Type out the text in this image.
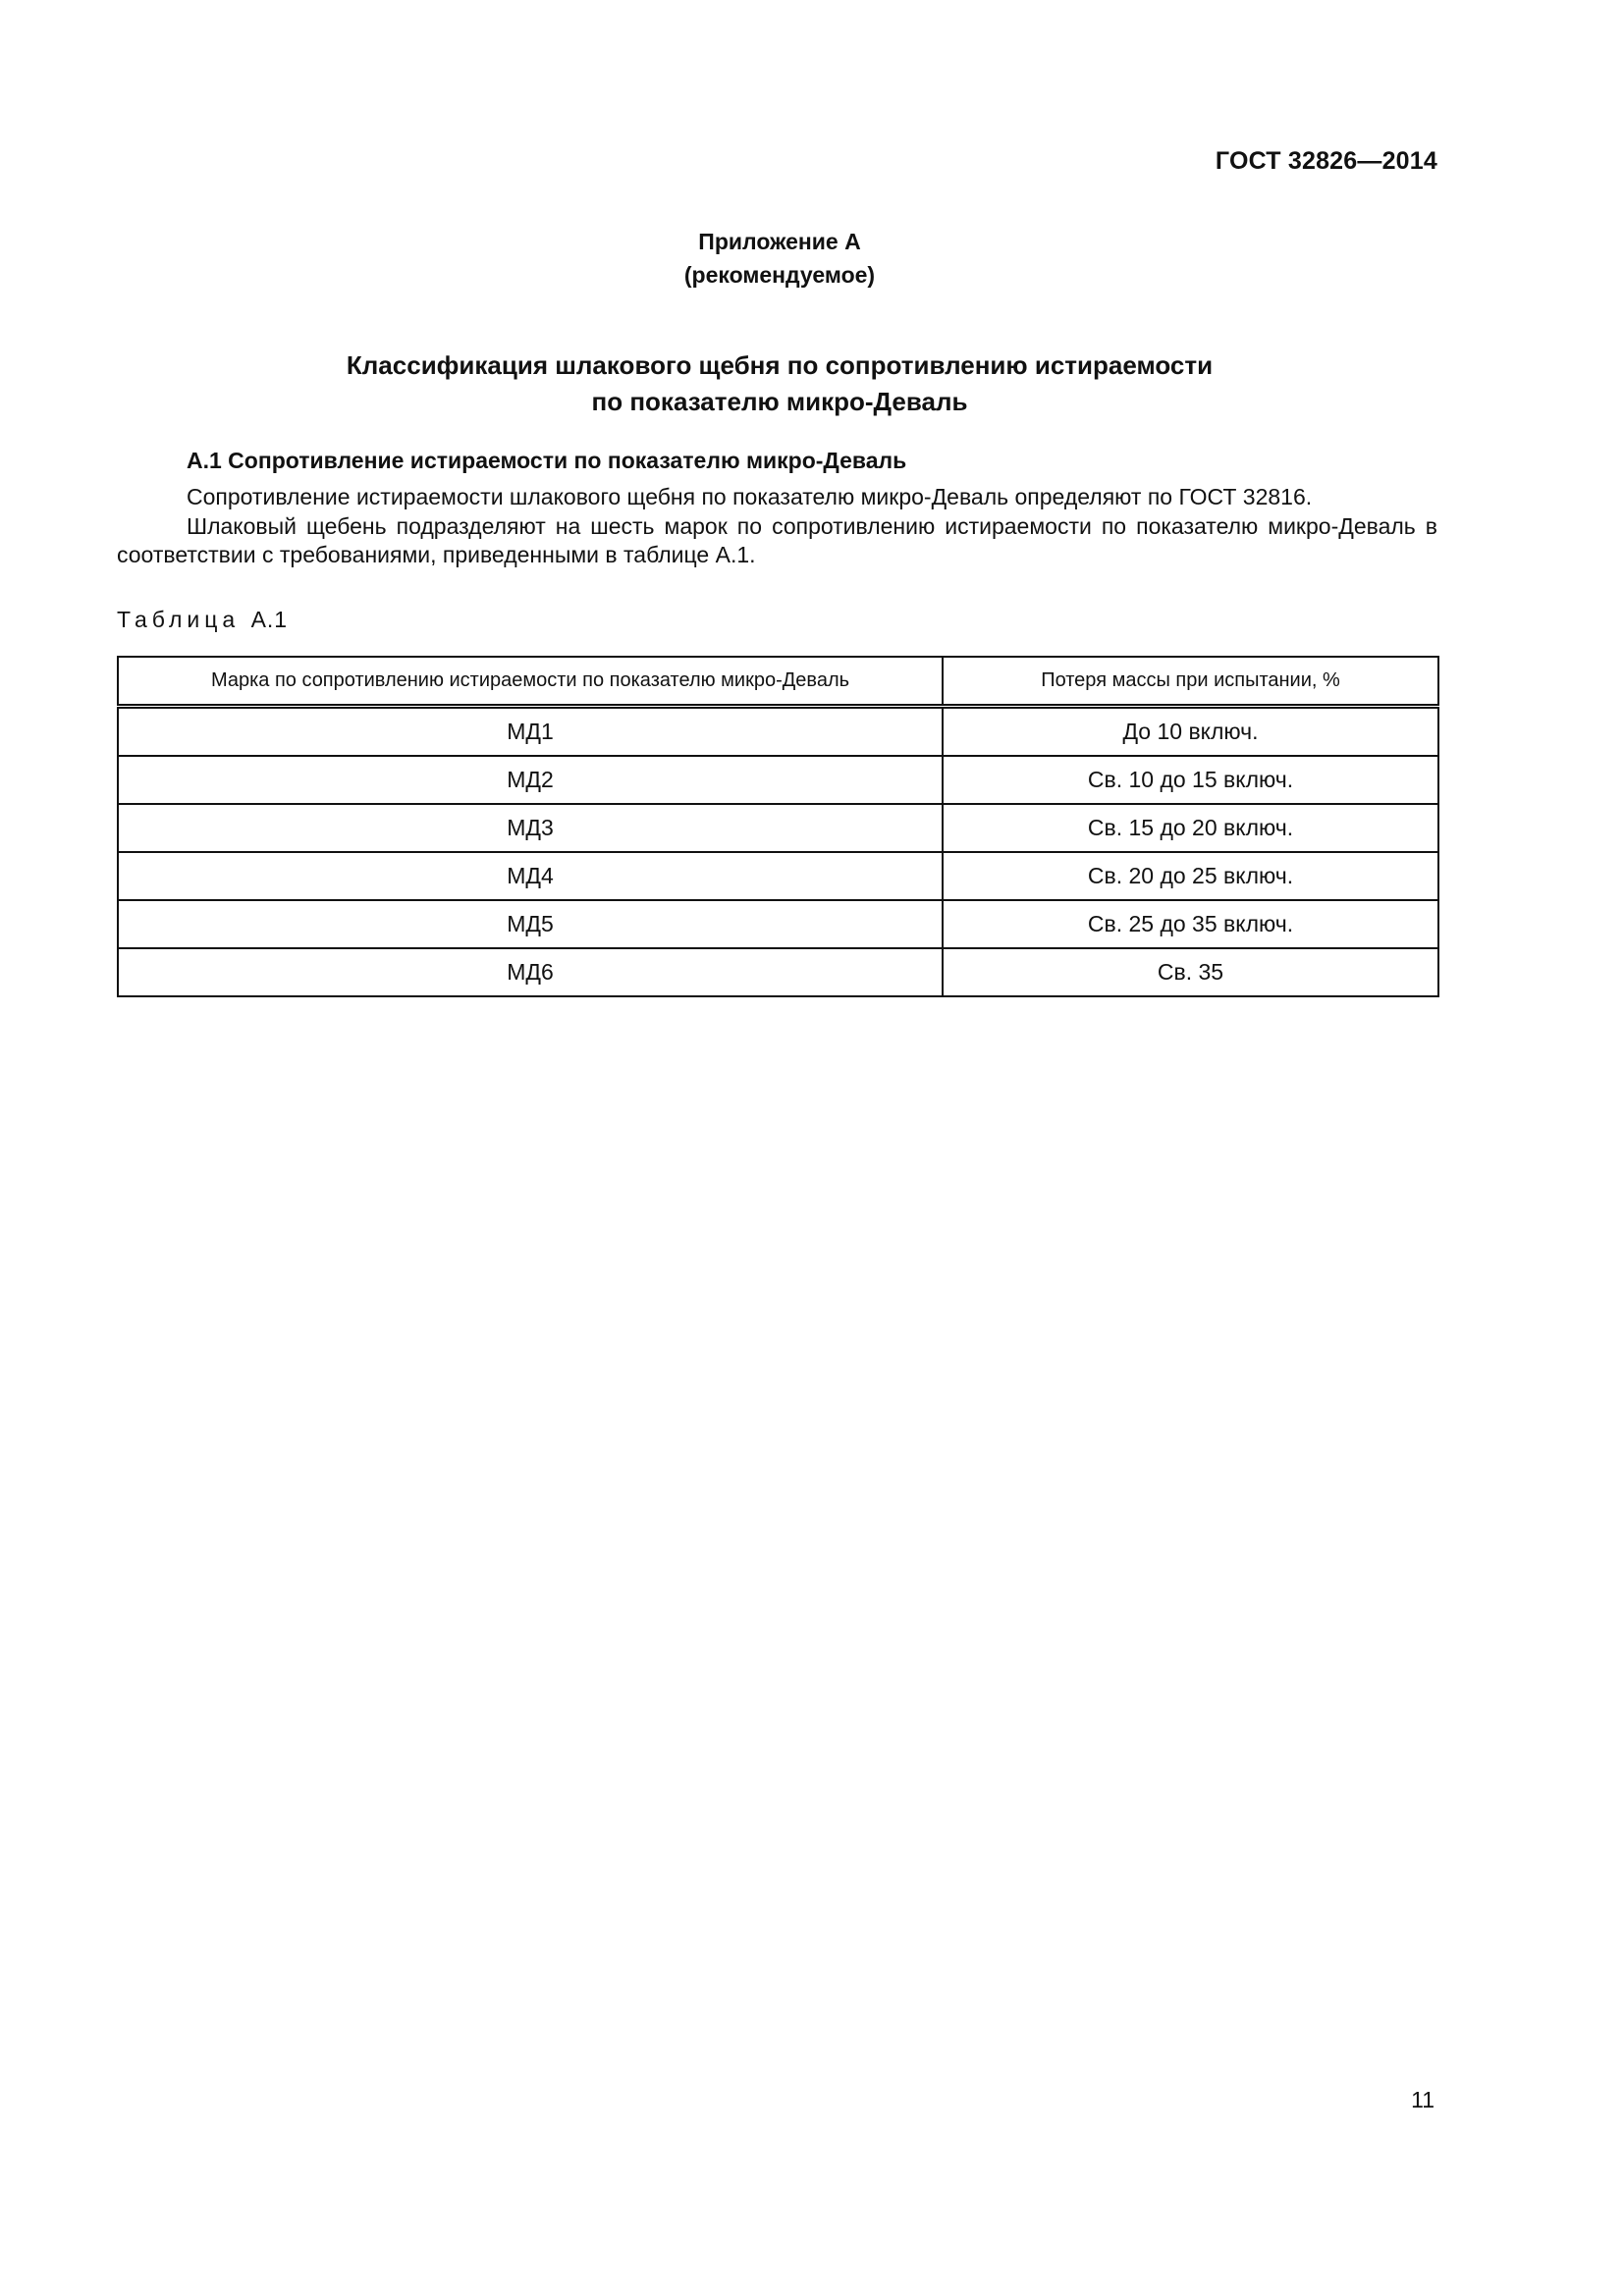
ГОСТ 32826—2014
Приложение А
(рекомендуемое)
Классификация шлакового щебня по сопротивлению истираемости
по показателю микро-Деваль
А.1 Сопротивление истираемости по показателю микро-Деваль
Сопротивление истираемости шлакового щебня по показателю микро-Деваль определяют по ГОСТ 32816.
Шлаковый щебень подразделяют на шесть марок по сопротивлению истираемости по показателю микро-Деваль в соответствии с требованиями, приведенными в таблице А.1.
Таблица А.1
Марка по сопротивлению истираемости по показателю микро-Деваль	Потеря массы при испытании, %
МД1	До 10 включ.
МД2	Св. 10 до 15 включ.
МД3	Св. 15 до 20 включ.
МД4	Св. 20 до 25 включ.
МД5	Св. 25 до 35 включ.
МД6	Св. 35
11
